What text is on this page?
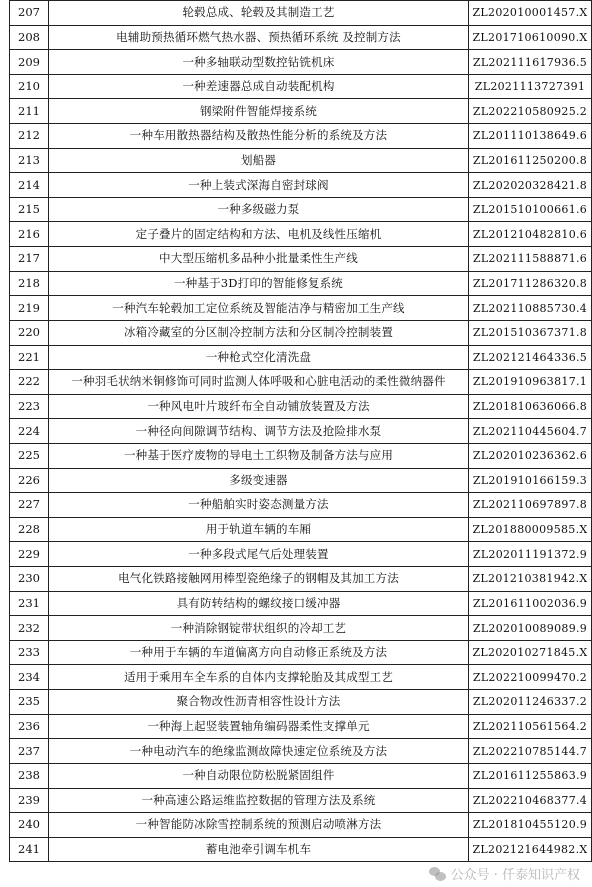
207	轮毂总成、轮毂及其制造工艺	ZL202010001457.X
208	电辅助预热循环燃气热水器、预热循环系统 及控制方法	ZL201710610090.X
209	一种多轴联动型数控钻铣机床	ZL202111617936.5
210	一种差速器总成自动装配机构	ZL2021113727391
211	钢梁附件智能焊接系统	ZL202210580925.2
212	一种车用散热器结构及散热性能分析的系统及方法	ZL201110138649.6
213	划船器	ZL201611250200.8
214	一种上装式深海自密封球阀	ZL202020328421.8
215	一种多级磁力泵	ZL201510100661.6
216	定子叠片的固定结构和方法、电机及线性压缩机	ZL201210482810.6
217	中大型压缩机多品种小批量柔性生产线	ZL202111588871.6
218	一种基于3D打印的智能修复系统	ZL201711286320.8
219	一种汽车轮毂加工定位系统及智能洁净与精密加工生产线	ZL202110885730.4
220	冰箱冷藏室的分区制冷控制方法和分区制冷控制装置	ZL201510367371.8
221	一种枪式空化清洗盘	ZL202121464336.5
222	一种羽毛状纳米铜修饰可同时监测人体呼吸和心脏电活动的柔性微纳器件	ZL201910963817.1
223	一种风电叶片玻纤布全自动铺放装置及方法	ZL201810636066.8
224	一种径向间隙调节结构、调节方法及抢险排水泵	ZL202110445604.7
225	一种基于医疗废物的导电土工织物及制备方法与应用	ZL202010236362.6
226	多级变速器	ZL201910166159.3
227	一种船舶实时姿态测量方法	ZL202110697897.8
228	用于轨道车辆的车厢	ZL201880009585.X
229	一种多段式尾气后处理装置	ZL202011191372.9
230	电气化铁路接触网用棒型瓷绝缘子的钢帽及其加工方法	ZL201210381942.X
231	具有防转结构的螺纹接口缓冲器	ZL201611002036.9
232	一种消除钢锭带状组织的冷却工艺	ZL202010089089.9
233	一种用于车辆的车道偏离方向自动修正系统及方法	ZL202010271845.X
234	适用于乘用车全车系的自体内支撑轮胎及其成型工艺	ZL202210099470.2
235	聚合物改性沥青相容性设计方法	ZL202011246337.2
236	一种海上起竖装置轴角编码器柔性支撑单元	ZL202110561564.2
237	一种电动汽车的绝缘监测故障快速定位系统及方法	ZL202210785144.7
238	一种自动限位防松脱紧固组件	ZL201611255863.9
239	一种高速公路运维监控数据的管理方法及系统	ZL202210468377.4
240	一种智能防冰除雪控制系统的预测启动喷淋方法	ZL201810455120.9
241	蓄电池牵引调车机车	ZL202121644982.X
公众号 · 仟泰知识产权
